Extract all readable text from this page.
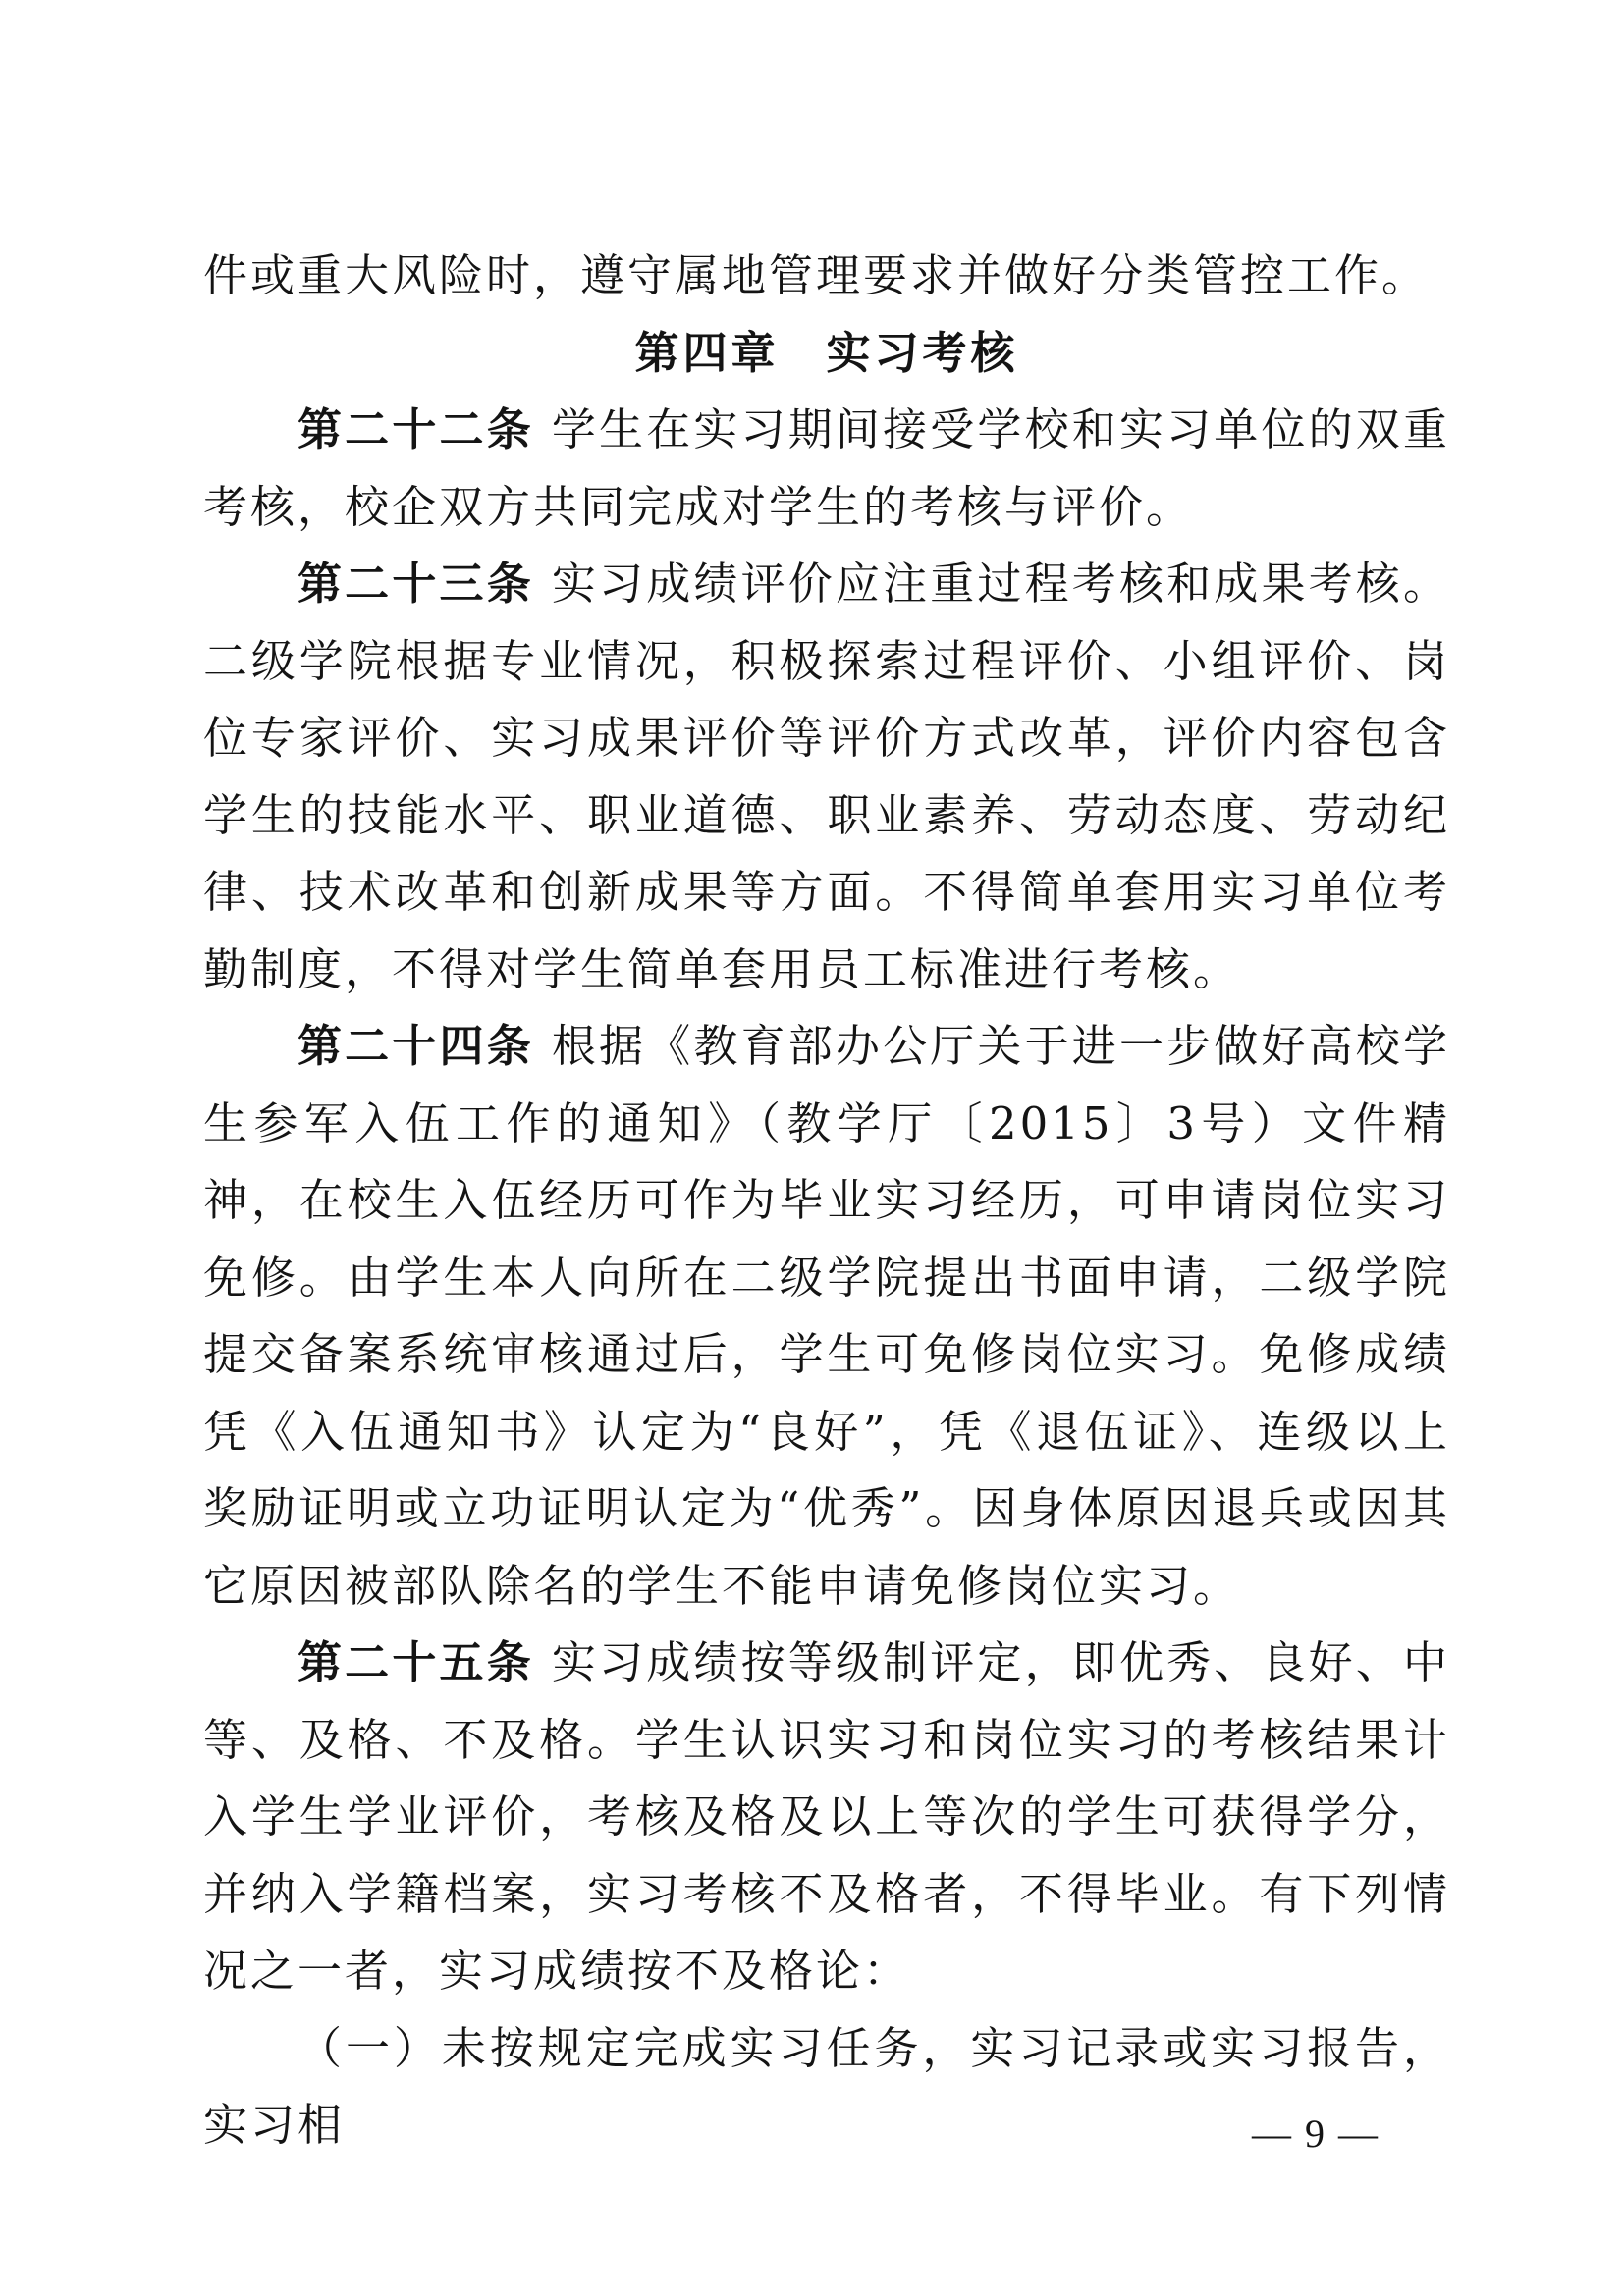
件或重大风险时，遵守属地管理要求并做好分类管控工作。

第四章 实习考核

第二十二条 学生在实习期间接受学校和实习单位的双重考核，校企双方共同完成对学生的考核与评价。

第二十三条 实习成绩评价应注重过程考核和成果考核。二级学院根据专业情况，积极探索过程评价、小组评价、岗位专家评价、实习成果评价等评价方式改革，评价内容包含学生的技能水平、职业道德、职业素养、劳动态度、劳动纪律、技术改革和创新成果等方面。不得简单套用实习单位考勤制度，不得对学生简单套用员工标准进行考核。

第二十四条 根据《教育部办公厅关于进一步做好高校学生参军入伍工作的通知》（教学厅〔2015〕3号）文件精神，在校生入伍经历可作为毕业实习经历，可申请岗位实习免修。由学生本人向所在二级学院提出书面申请，二级学院提交备案系统审核通过后，学生可免修岗位实习。免修成绩凭《入伍通知书》认定为“良好”，凭《退伍证》、连级以上奖励证明或立功证明认定为“优秀”。因身体原因退兵或因其它原因被部队除名的学生不能申请免修岗位实习。

第二十五条 实习成绩按等级制评定，即优秀、良好、中等、及格、不及格。学生认识实习和岗位实习的考核结果计入学生学业评价，考核及格及以上等次的学生可获得学分，并纳入学籍档案，实习考核不及格者，不得毕业。有下列情况之一者，实习成绩按不及格论：

（一）未按规定完成实习任务，实习记录或实习报告，实习相	— 9 —
